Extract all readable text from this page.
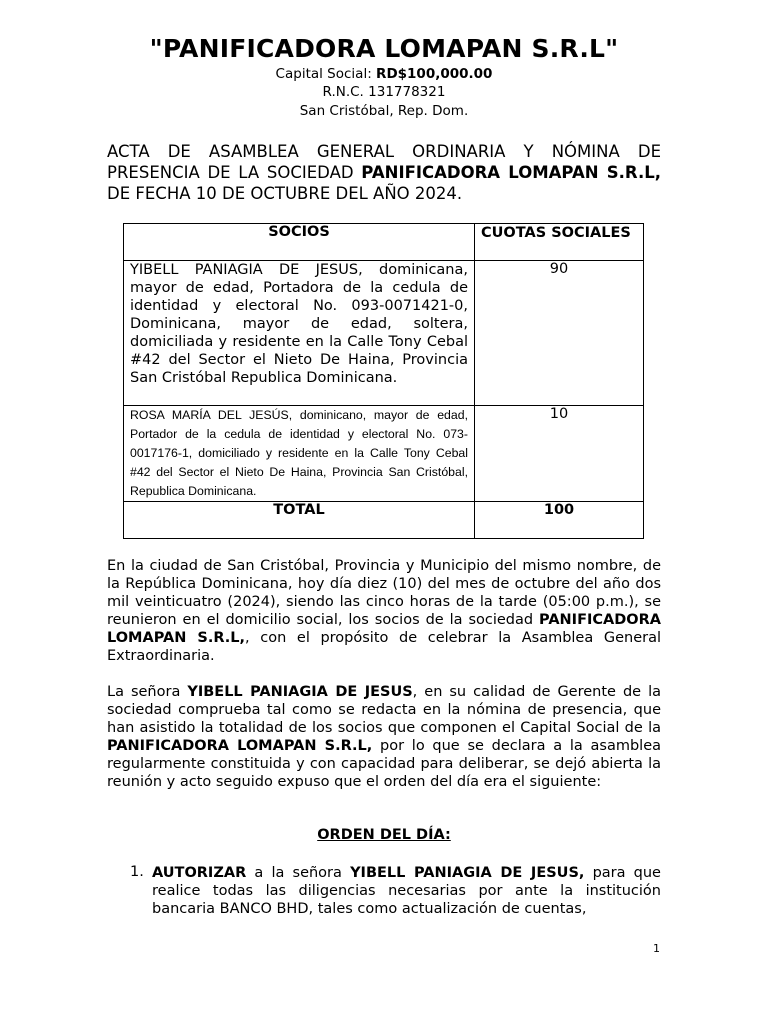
"PANIFICADORA LOMAPAN S.R.L"
Capital Social: RD$100,000.00
R.N.C. 131778321
San Cristóbal, Rep. Dom.
ACTA DE ASAMBLEA GENERAL ORDINARIA Y NÓMINA DE PRESENCIA DE LA SOCIEDAD PANIFICADORA LOMAPAN S.R.L, DE FECHA 10 DE OCTUBRE DEL AÑO 2024.
SOCIOS	CUOTAS SOCIALES
YIBELL PANIAGIA DE JESUS, dominicana, mayor de edad, Portadora de la cedula de identidad y electoral No. 093-0071421-0, Dominicana, mayor de edad, soltera, domiciliada y residente en la Calle Tony Cebal #42 del Sector el Nieto De Haina, Provincia San Cristóbal Republica Dominicana.	90
ROSA MARÍA DEL JESÚS, dominicano, mayor de edad, Portador de la cedula de identidad y electoral No. 073-0017176-1, domiciliado y residente en la Calle Tony Cebal #42 del Sector el Nieto De Haina, Provincia San Cristóbal, Republica Dominicana.	10
TOTAL	100
En la ciudad de San Cristóbal, Provincia y Municipio del mismo nombre, de la República Dominicana, hoy día diez (10) del mes de octubre del año dos mil veinticuatro (2024), siendo las cinco horas de la tarde (05:00 p.m.), se reunieron en el domicilio social, los socios de la sociedad PANIFICADORA LOMAPAN S.R.L,, con el propósito de celebrar la Asamblea General Extraordinaria.
La señora YIBELL PANIAGIA DE JESUS, en su calidad de Gerente de la sociedad comprueba tal como se redacta en la nómina de presencia, que han asistido la totalidad de los socios que componen el Capital Social de la PANIFICADORA LOMAPAN S.R.L, por lo que se declara a la asamblea regularmente constituida y con capacidad para deliberar, se dejó abierta la reunión y acto seguido expuso que el orden del día era el siguiente:
ORDEN DEL DÍA:
1. AUTORIZAR a la señora YIBELL PANIAGIA DE JESUS, para que realice todas las diligencias necesarias por ante la institución bancaria BANCO BHD, tales como actualización de cuentas,
1
